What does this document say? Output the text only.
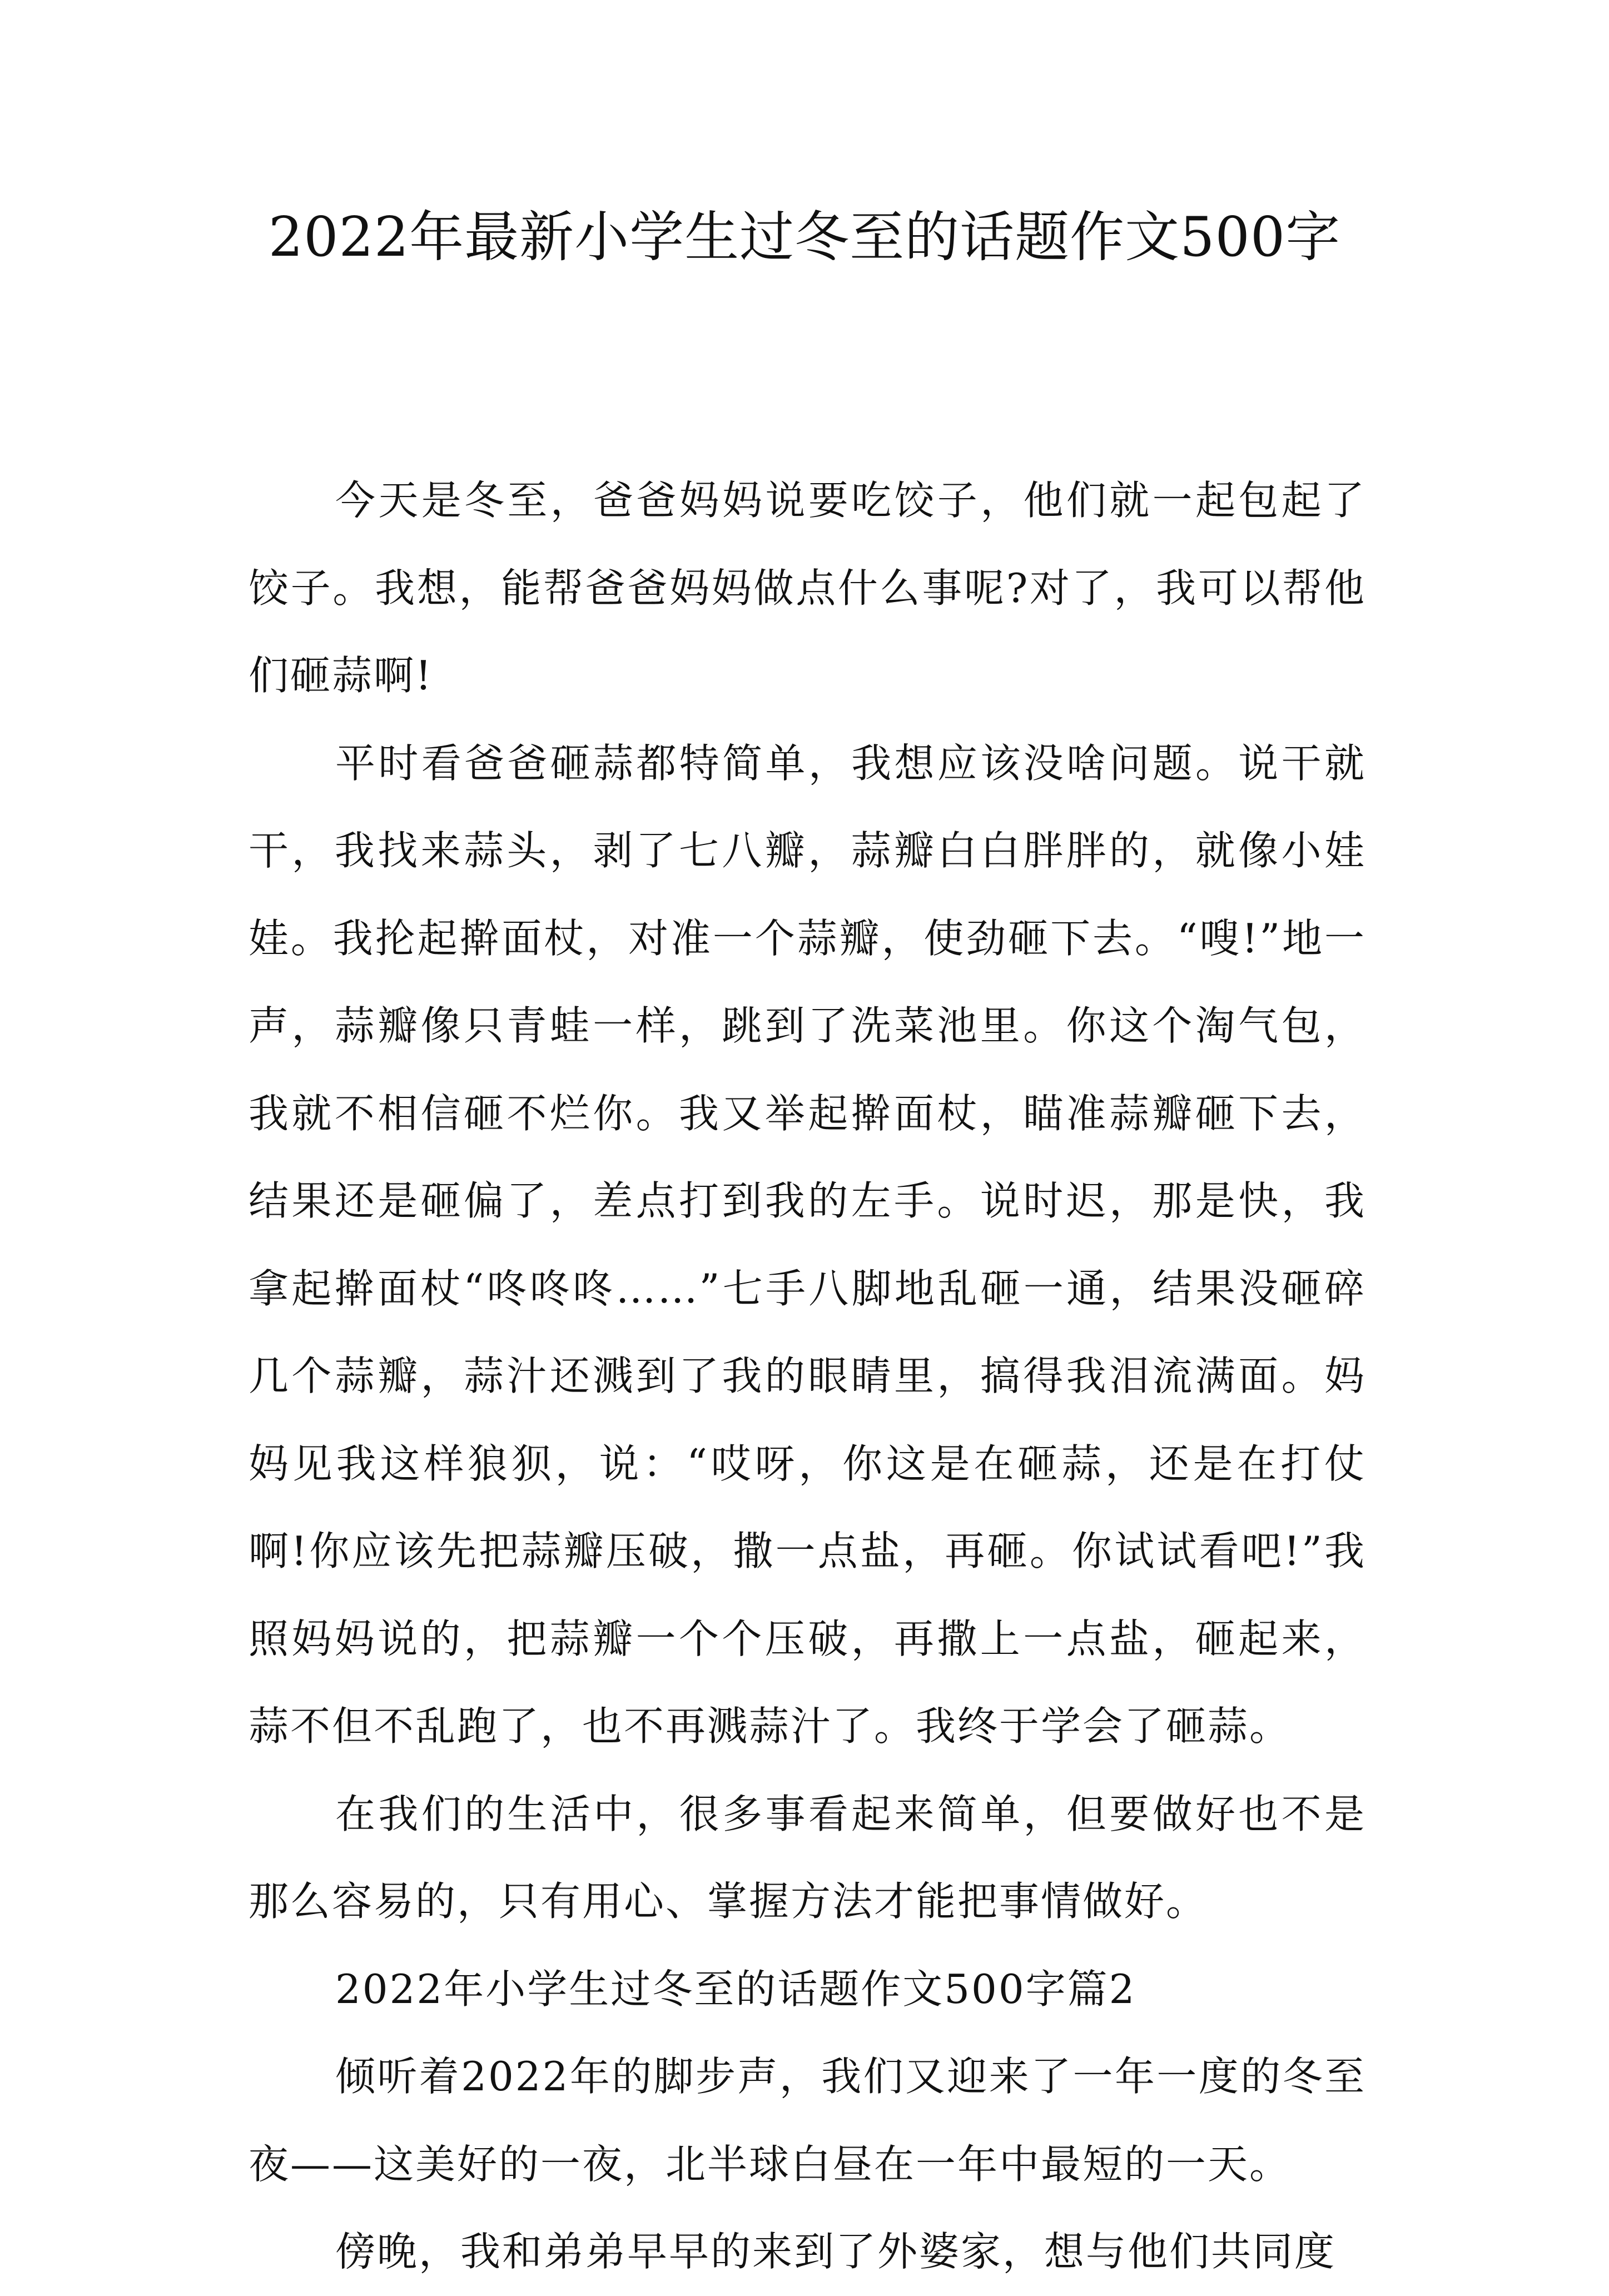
2022年最新小学生过冬至的话题作文500字

今天是冬至，爸爸妈妈说要吃饺子，他们就一起包起了饺子。我想，能帮爸爸妈妈做点什么事呢?对了，我可以帮他们砸蒜啊!

平时看爸爸砸蒜都特简单，我想应该没啥问题。说干就干，我找来蒜头，剥了七八瓣，蒜瓣白白胖胖的，就像小娃娃。我抡起擀面杖，对准一个蒜瓣，使劲砸下去。“嗖!”地一声，蒜瓣像只青蛙一样，跳到了洗菜池里。你这个淘气包，我就不相信砸不烂你。我又举起擀面杖，瞄准蒜瓣砸下去，结果还是砸偏了，差点打到我的左手。说时迟，那是快，我拿起擀面杖“咚咚咚……”七手八脚地乱砸一通，结果没砸碎几个蒜瓣，蒜汁还溅到了我的眼睛里，搞得我泪流满面。妈妈见我这样狼狈，说：“哎呀，你这是在砸蒜，还是在打仗啊!你应该先把蒜瓣压破，撒一点盐，再砸。你试试看吧!”我照妈妈说的，把蒜瓣一个个压破，再撒上一点盐，砸起来，蒜不但不乱跑了，也不再溅蒜汁了。我终于学会了砸蒜。

在我们的生活中，很多事看起来简单，但要做好也不是那么容易的，只有用心、掌握方法才能把事情做好。

2022年小学生过冬至的话题作文500字篇2

倾听着2022年的脚步声，我们又迎来了一年一度的冬至夜——这美好的一夜，北半球白昼在一年中最短的一天。

傍晚，我和弟弟早早的来到了外婆家，想与他们共同度
